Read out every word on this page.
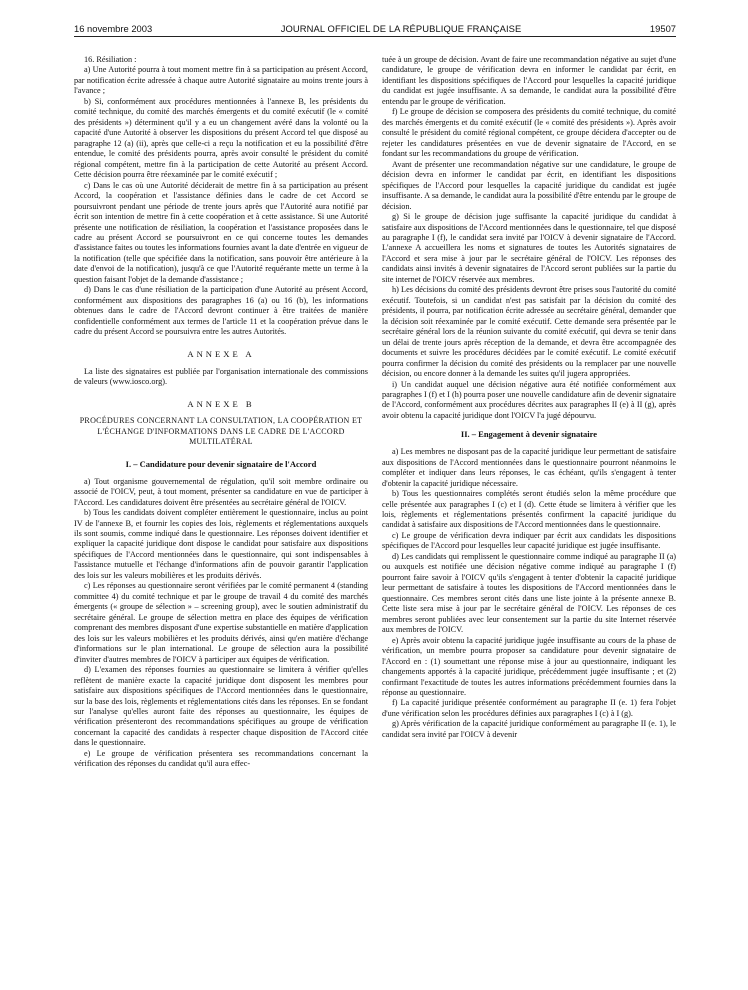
16 novembre 2003	JOURNAL OFFICIEL DE LA RÉPUBLIQUE FRANÇAISE	19507

16. Résiliation :

a) Une Autorité pourra à tout moment mettre fin à sa participation au présent Accord, par notification écrite adressée à chaque autre Autorité signataire au moins trente jours à l'avance ;

b) Si, conformément aux procédures mentionnées à l'annexe B, les présidents du comité technique, du comité des marchés émergents et du comité exécutif (le « comité des présidents ») déterminent qu'il y a eu un changement avéré dans la volonté ou la capacité d'une Autorité à observer les dispositions du présent Accord tel que disposé au paragraphe 12 (a) (ii), après que celle-ci a reçu la notification et eu la possibilité d'être entendue, le comité des présidents pourra, après avoir consulté le président du comité régional compétent, mettre fin à la participation de cette Autorité au présent Accord. Cette décision pourra être réexaminée par le comité exécutif ;

c) Dans le cas où une Autorité déciderait de mettre fin à sa participation au présent Accord, la coopération et l'assistance définies dans le cadre de cet Accord se poursuivront pendant une période de trente jours après que l'Autorité aura notifié par écrit son intention de mettre fin à cette coopération et à cette assistance. Si une Autorité présente une notification de résiliation, la coopération et l'assistance proposées dans le cadre au présent Accord se poursuivront en ce qui concerne toutes les demandes d'assistance faites ou toutes les informations fournies avant la date d'entrée en vigueur de la notification (telle que spécifiée dans la notification, sans pouvoir être antérieure à la date d'envoi de la notification), jusqu'à ce que l'Autorité requérante mette un terme à la question faisant l'objet de la demande d'assistance ;

d) Dans le cas d'une résiliation de la participation d'une Autorité au présent Accord, conformément aux dispositions des paragraphes 16 (a) ou 16 (b), les informations obtenues dans le cadre de l'Accord devront continuer à être traitées de manière confidentielle conformément aux termes de l'article 11 et la coopération prévue dans le cadre du présent Accord se poursuivra entre les autres Autorités.

ANNEXE A

La liste des signataires est publiée par l'organisation internationale des commissions de valeurs (www.iosco.org).

ANNEXE B
PROCÉDURES CONCERNANT LA CONSULTATION, LA COOPÉRATION ET L'ÉCHANGE D'INFORMATIONS DANS LE CADRE DE L'ACCORD MULTILATÉRAL
I. – Candidature pour devenir signataire de l'Accord

a) Tout organisme gouvernemental de régulation, qu'il soit membre ordinaire ou associé de l'OICV, peut, à tout moment, présenter sa candidature en vue de participer à l'Accord. Les candidatures doivent être présentées au secrétaire général de l'OICV.

b) Tous les candidats doivent compléter entièrement le questionnaire, inclus au point IV de l'annexe B, et fournir les copies des lois, règlements et réglementations auxquels ils sont soumis, comme indiqué dans le questionnaire. Les réponses doivent identifier et expliquer la capacité juridique dont dispose le candidat pour satisfaire aux dispositions spécifiques de l'Accord mentionnées dans le questionnaire, qui sont indispensables à l'assistance mutuelle et l'échange d'informations afin de pouvoir garantir l'application des lois sur les valeurs mobilières et les produits dérivés.

c) Les réponses au questionnaire seront vérifiées par le comité permanent 4 (standing committee 4) du comité technique et par le groupe de travail 4 du comité des marchés émergents (« groupe de sélection » – screening group), avec le soutien administratif du secrétaire général. Le groupe de sélection mettra en place des équipes de vérification comprenant des membres disposant d'une expertise substantielle en matière d'application des lois sur les valeurs mobilières et les produits dérivés, ainsi qu'en matière d'échange d'informations sur le plan international. Le groupe de sélection aura la possibilité d'inviter d'autres membres de l'OICV à participer aux équipes de vérification.

d) L'examen des réponses fournies au questionnaire se limitera à vérifier qu'elles reflètent de manière exacte la capacité juridique dont disposent les membres pour satisfaire aux dispositions spécifiques de l'Accord mentionnées dans le questionnaire, sur la base des lois, règlements et réglementations cités dans les réponses. En se fondant sur l'analyse qu'elles auront faite des réponses au questionnaire, les équipes de vérification présenteront des recommandations spécifiques au groupe de vérification concernant la capacité des candidats à respecter chaque disposition de l'Accord citée dans le questionnaire.

e) Le groupe de vérification présentera ses recommandations concernant la vérification des réponses du candidat qu'il aura effec-

tuée à un groupe de décision. Avant de faire une recommandation négative au sujet d'une candidature, le groupe de vérification devra en informer le candidat par écrit, en identifiant les dispositions spécifiques de l'Accord pour lesquelles la capacité juridique du candidat est jugée insuffisante. A sa demande, le candidat aura la possibilité d'être entendu par le groupe de vérification.

f) Le groupe de décision se composera des présidents du comité technique, du comité des marchés émergents et du comité exécutif (le « comité des présidents »). Après avoir consulté le président du comité régional compétent, ce groupe décidera d'accepter ou de rejeter les candidatures présentées en vue de devenir signataire de l'Accord, en se fondant sur les recommandations du groupe de vérification.

Avant de présenter une recommandation négative sur une candidature, le groupe de décision devra en informer le candidat par écrit, en identifiant les dispositions spécifiques de l'Accord pour lesquelles la capacité juridique du candidat est jugée insuffisante. A sa demande, le candidat aura la possibilité d'être entendu par le groupe de décision.

g) Si le groupe de décision juge suffisante la capacité juridique du candidat à satisfaire aux dispositions de l'Accord mentionnées dans le questionnaire, tel que disposé au paragraphe I (f), le candidat sera invité par l'OICV à devenir signataire de l'Accord. L'annexe A accueillera les noms et signatures de toutes les Autorités signataires de l'Accord et sera mise à jour par le secrétaire général de l'OICV. Les réponses des candidats ainsi invités à devenir signataires de l'Accord seront publiées sur la partie du site internet de l'OICV réservée aux membres.

h) Les décisions du comité des présidents devront être prises sous l'autorité du comité exécutif. Toutefois, si un candidat n'est pas satisfait par la décision du comité des présidents, il pourra, par notification écrite adressée au secrétaire général, demander que la décision soit réexaminée par le comité exécutif. Cette demande sera présentée par le secrétaire général lors de la réunion suivante du comité exécutif, qui devra se tenir dans un délai de trente jours après réception de la demande, et devra être accompagnée des documents et suivre les procédures décidées par le comité exécutif. Le comité exécutif pourra confirmer la décision du comité des présidents ou la remplacer par une nouvelle décision, ou encore donner à la demande les suites qu'il jugera appropriées.

i) Un candidat auquel une décision négative aura été notifiée conformément aux paragraphes I (f) et I (h) pourra poser une nouvelle candidature afin de devenir signataire de l'Accord, conformément aux procédures décrites aux paragraphes II (e) à II (g), après avoir obtenu la capacité juridique dont l'OICV l'a jugé dépourvu.

II. – Engagement à devenir signataire

a) Les membres ne disposant pas de la capacité juridique leur permettant de satisfaire aux dispositions de l'Accord mentionnées dans le questionnaire pourront néanmoins le compléter et indiquer dans leurs réponses, le cas échéant, qu'ils s'engagent à tenter d'obtenir la capacité juridique nécessaire.

b) Tous les questionnaires complétés seront étudiés selon la même procédure que celle présentée aux paragraphes I (c) et I (d). Cette étude se limitera à vérifier que les lois, règlements et réglementations présentés confirment la capacité juridique du candidat à satisfaire aux dispositions de l'Accord mentionnées dans le questionnaire.

c) Le groupe de vérification devra indiquer par écrit aux candidats les dispositions spécifiques de l'Accord pour lesquelles leur capacité juridique est jugée insuffisante.

d) Les candidats qui remplissent le questionnaire comme indiqué au paragraphe II (a) ou auxquels est notifiée une décision négative comme indiqué au paragraphe I (f) pourront faire savoir à l'OICV qu'ils s'engagent à tenter d'obtenir la capacité juridique leur permettant de satisfaire à toutes les dispositions de l'Accord mentionnées dans le questionnaire. Ces membres seront cités dans une liste jointe à la présente annexe B. Cette liste sera mise à jour par le secrétaire général de l'OICV. Les réponses de ces membres seront publiées avec leur consentement sur la partie du site Internet réservée aux membres de l'OICV.

e) Après avoir obtenu la capacité juridique jugée insuffisante au cours de la phase de vérification, un membre pourra proposer sa candidature pour devenir signataire de l'Accord en : (1) soumettant une réponse mise à jour au questionnaire, indiquant les changements apportés à la capacité juridique, précédemment jugée insuffisante ; et (2) confirmant l'exactitude de toutes les autres informations précédemment fournies dans la réponse au questionnaire.

f) La capacité juridique présentée conformément au paragraphe II (e. 1) fera l'objet d'une vérification selon les procédures définies aux paragraphes I (c) à I (g).

g) Après vérification de la capacité juridique conformément au paragraphe II (e. 1), le candidat sera invité par l'OICV à devenir
